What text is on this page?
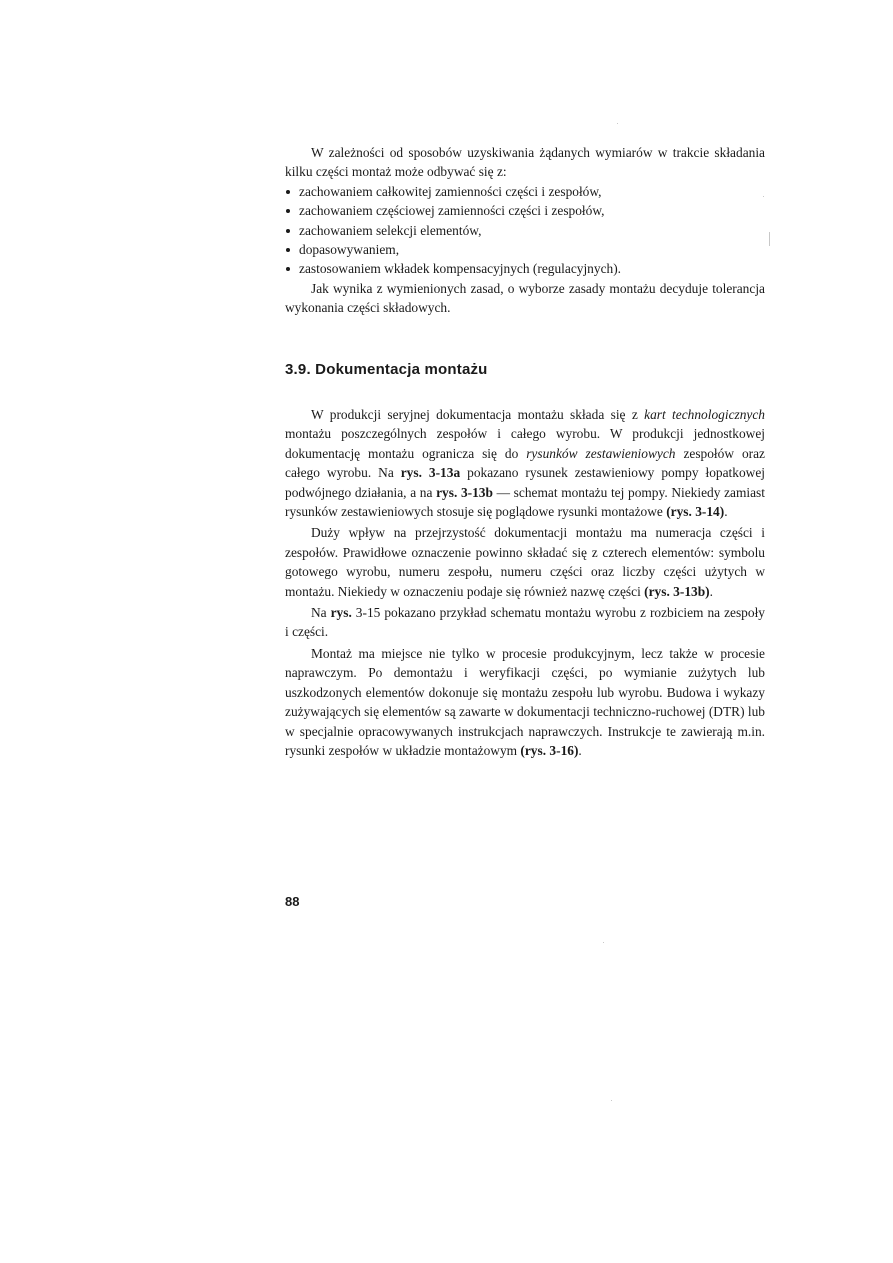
W zależności od sposobów uzyskiwania żądanych wymiarów w trakcie składania kilku części montaż może odbywać się z:

zachowaniem całkowitej zamienności części i zespołów,
zachowaniem częściowej zamienności części i zespołów,
zachowaniem selekcji elementów,
dopasowywaniem,
zastosowaniem wkładek kompensacyjnych (regulacyjnych).

Jak wynika z wymienionych zasad, o wyborze zasady montażu decyduje tolerancja wykonania części składowych.

3.9. Dokumentacja montażu

W produkcji seryjnej dokumentacja montażu składa się z kart technologicznych montażu poszczególnych zespołów i całego wyrobu. W produkcji jednostkowej dokumentację montażu ogranicza się do rysunków zestawieniowych zespołów oraz całego wyrobu. Na rys. 3-13a pokazano rysunek zestawieniowy pompy łopatkowej podwójnego działania, a na rys. 3-13b — schemat montażu tej pompy. Niekiedy zamiast rysunków zestawieniowych stosuje się poglądowe rysunki montażowe (rys. 3-14).

Duży wpływ na przejrzystość dokumentacji montażu ma numeracja części i zespołów. Prawidłowe oznaczenie powinno składać się z czterech elementów: symbolu gotowego wyrobu, numeru zespołu, numeru części oraz liczby części użytych w montażu. Niekiedy w oznaczeniu podaje się również nazwę części (rys. 3-13b).

Na rys. 3-15 pokazano przykład schematu montażu wyrobu z rozbiciem na zespoły i części.

Montaż ma miejsce nie tylko w procesie produkcyjnym, lecz także w procesie naprawczym. Po demontażu i weryfikacji części, po wymianie zużytych lub uszkodzonych elementów dokonuje się montażu zespołu lub wyrobu. Budowa i wykazy zużywających się elementów są zawarte w dokumentacji techniczno-ruchowej (DTR) lub w specjalnie opracowywanych instrukcjach naprawczych. Instrukcje te zawierają m.in. rysunki zespołów w układzie montażowym (rys. 3-16).

88
